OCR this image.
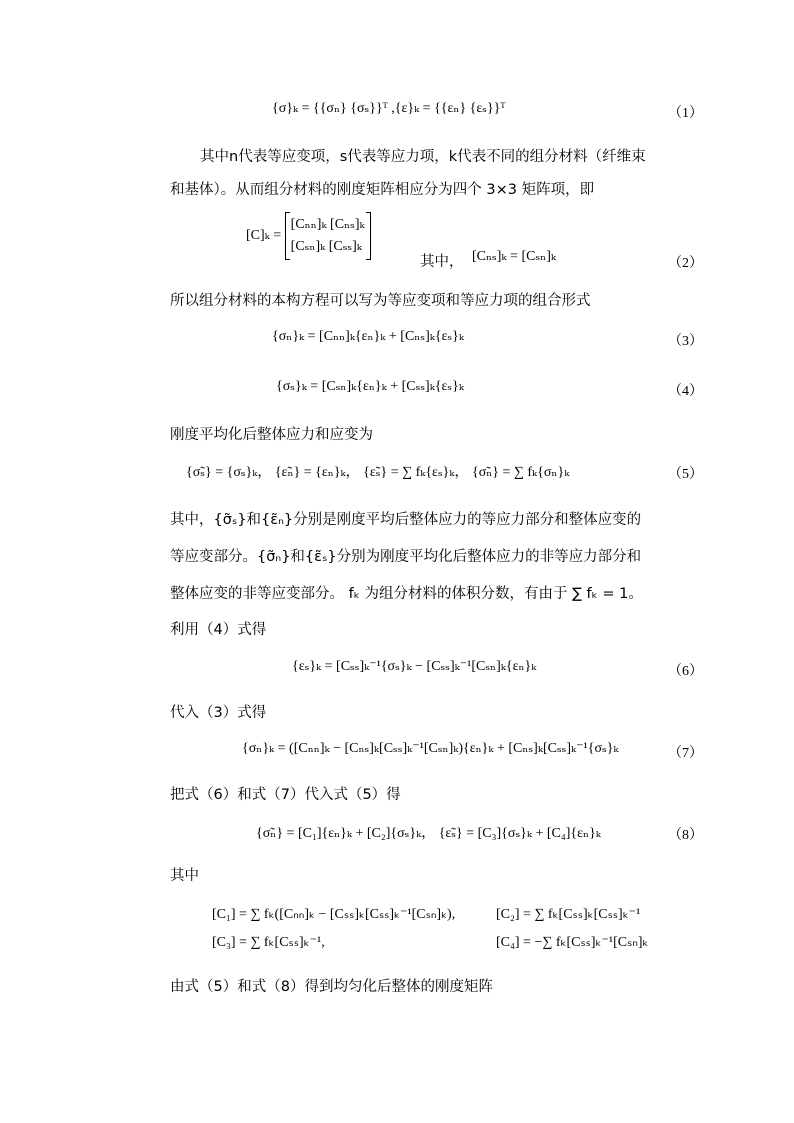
{σ}ₖ = {{σₙ} {σₛ}}ᵀ ,{ε}ₖ = {{εₙ} {εₛ}}ᵀ	（1）
其中n代表等应变项，s代表等应力项，k代表不同的组分材料（纤维束
和基体）。从而组分材料的刚度矩阵相应分为四个 3×3 矩阵项，即
[C]ₖ =
[Cₙₙ]ₖ [Cₙₛ]ₖ
[Cₛₙ]ₖ [Cₛₛ]ₖ
其中， [Cₙₛ]ₖ = [Cₛₙ]ₖ	（2）
所以组分材料的本构方程可以写为等应变项和等应力项的组合形式
{σₙ}ₖ = [Cₙₙ]ₖ{εₙ}ₖ + [Cₙₛ]ₖ{εₛ}ₖ	（3）
{σₛ}ₖ = [Cₛₙ]ₖ{εₙ}ₖ + [Cₛₛ]ₖ{εₛ}ₖ	（4）
刚度平均化后整体应力和应变为
{σ̃ₛ} = {σₛ}ₖ， {ε̃ₙ} = {εₙ}ₖ， {ε̃ₛ} = ∑ fₖ{εₛ}ₖ， {σ̃ₙ} = ∑ fₖ{σₙ}ₖ	（5）
其中，{σ̃ₛ}和{ε̃ₙ}分别是刚度平均后整体应力的等应力部分和整体应变的
等应变部分。{σ̃ₙ}和{ε̃ₛ}分别为刚度平均化后整体应力的非等应力部分和
整体应变的非等应变部分。 fₖ 为组分材料的体积分数，有由于 ∑ fₖ = 1。
利用（4）式得
{εₛ}ₖ = [Cₛₛ]ₖ⁻¹{σₛ}ₖ − [Cₛₛ]ₖ⁻¹[Cₛₙ]ₖ{εₙ}ₖ	（6）
代入（3）式得
{σₙ}ₖ = ([Cₙₙ]ₖ − [Cₙₛ]ₖ[Cₛₛ]ₖ⁻¹[Cₛₙ]ₖ){εₙ}ₖ + [Cₙₛ]ₖ[Cₛₛ]ₖ⁻¹{σₛ}ₖ	（7）
把式（6）和式（7）代入式（5）得
{σ̃ₙ} = [C₁]{εₙ}ₖ + [C₂]{σₛ}ₖ， {ε̃ₛ} = [C₃]{σₛ}ₖ + [C₄]{εₙ}ₖ	（8）
其中
[C₁] = ∑ fₖ([Cₙₙ]ₖ − [Cₛₛ]ₖ[Cₛₛ]ₖ⁻¹[Cₛₙ]ₖ),	[C₂] = ∑ fₖ[Cₛₛ]ₖ[Cₛₛ]ₖ⁻¹
[C₃] = ∑ fₖ[Cₛₛ]ₖ⁻¹,	[C₄] = −∑ fₖ[Cₛₛ]ₖ⁻¹[Cₛₙ]ₖ
由式（5）和式（8）得到均匀化后整体的刚度矩阵
